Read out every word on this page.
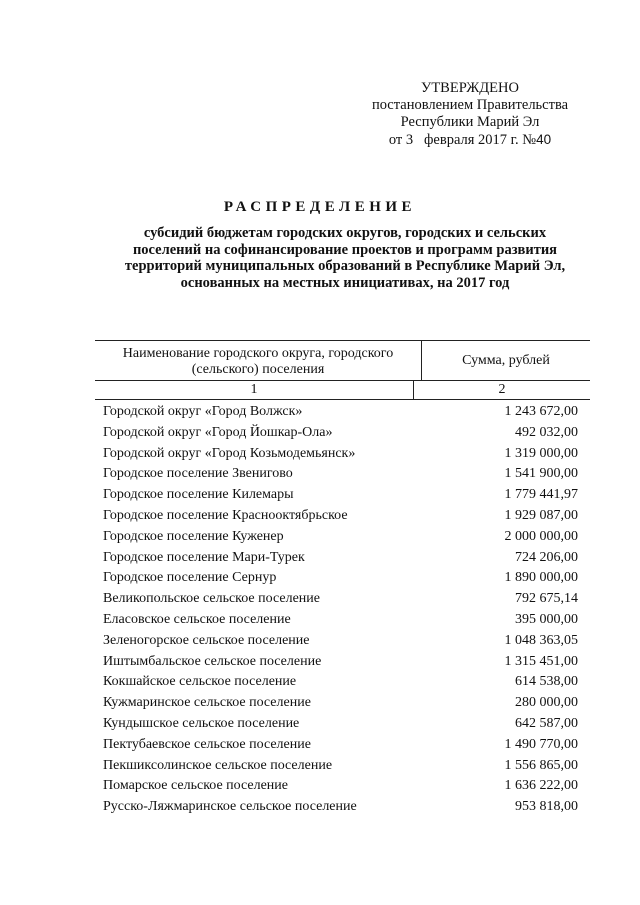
УТВЕРЖДЕНО
постановлением Правительства
Республики Марий Эл
от 3   февраля 2017 г. №40
РАСПРЕДЕЛЕНИЕ
субсидий бюджетам городских округов, городских и сельских
поселений на софинансирование проектов и программ развития
территорий муниципальных образований в Республике Марий Эл,
основанных на местных инициативах, на 2017 год
Наименование городского округа, городского
(сельского) поселения
Сумма, рублей
1	2
Городской округ «Город Волжск»	1 243 672,00
Городской округ «Город Йошкар-Ола»	492 032,00
Городской округ «Город Козьмодемьянск»	1 319 000,00
Городское поселение Звенигово	1 541 900,00
Городское поселение Килемары	1 779 441,97
Городское поселение Краснооктябрьское	1 929 087,00
Городское поселение Куженер	2 000 000,00
Городское поселение Мари-Турек	724 206,00
Городское поселение Сернур	1 890 000,00
Великопольское сельское поселение	792 675,14
Еласовское сельское поселение	395 000,00
Зеленогорское сельское поселение	1 048 363,05
Иштымбальское сельское поселение	1 315 451,00
Кокшайское сельское поселение	614 538,00
Кужмаринское сельское поселение	280 000,00
Кундышское сельское поселение	642 587,00
Пектубаевское сельское поселение	1 490 770,00
Пекшиксолинское сельское поселение	1 556 865,00
Помарское сельское поселение	1 636 222,00
Русско-Ляжмаринское сельское поселение	953 818,00
